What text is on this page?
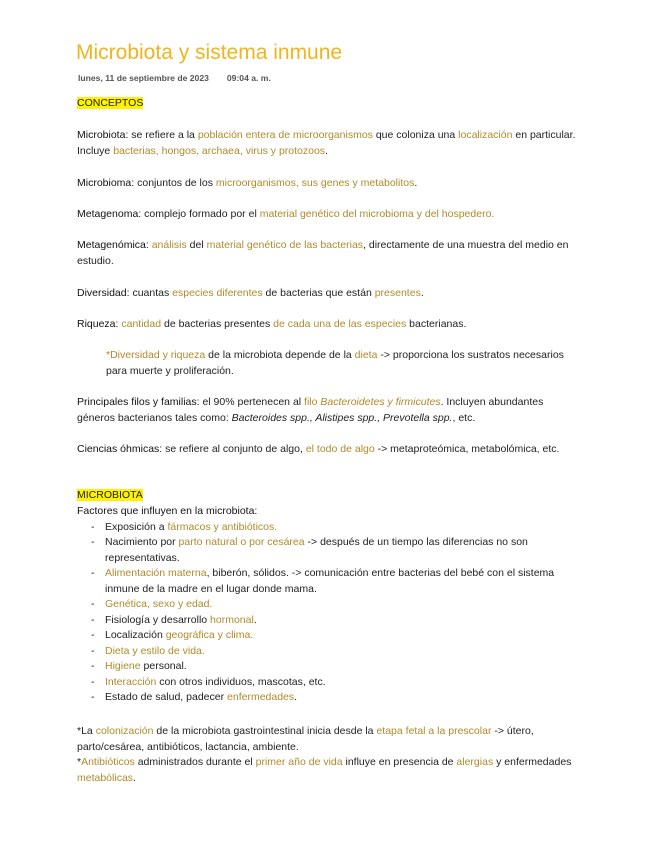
Microbiota y sistema inmune
lunes, 11 de septiembre de 2023 09:04 a. m.
CONCEPTOS
Microbiota: se refiere a la población entera de microorganismos que coloniza una localización en particular. Incluye bacterias, hongos, archaea, virus y protozoos.
Microbioma: conjuntos de los microorganismos, sus genes y metabolitos.
Metagenoma: complejo formado por el material genético del microbioma y del hospedero.
Metagenómica: análisis del material genético de las bacterias, directamente de una muestra del medio en estudio.
Diversidad: cuantas especies diferentes de bacterias que están presentes.
Riqueza: cantidad de bacterias presentes de cada una de las especies bacterianas.
*Diversidad y riqueza de la microbiota depende de la dieta -> proporciona los sustratos necesarios para muerte y proliferación.
Principales filos y familias: el 90% pertenecen al filo Bacteroidetes y firmicutes. Incluyen abundantes géneros bacterianos tales como: Bacteroides spp., Alistipes spp., Prevotella spp., etc.
Ciencias óhmicas: se refiere al conjunto de algo, el todo de algo -> metaproteómica, metabolómica, etc.
MICROBIOTA
Factores que influyen en la microbiota:
- Exposición a fármacos y antibióticos.
- Nacimiento por parto natural o por cesárea -> después de un tiempo las diferencias no son representativas.
- Alimentación materna, biberón, sólidos. -> comunicación entre bacterias del bebé con el sistema inmune de la madre en el lugar donde mama.
- Genética, sexo y edad.
- Fisiología y desarrollo hormonal.
- Localización geográfica y clima.
- Dieta y estilo de vida.
- Higiene personal.
- Interacción con otros individuos, mascotas, etc.
- Estado de salud, padecer enfermedades.
*La colonización de la microbiota gastrointestinal inicia desde la etapa fetal a la prescolar -> útero, parto/cesárea, antibióticos, lactancia, ambiente.
*Antibióticos administrados durante el primer año de vida influye en presencia de alergias y enfermedades metabólicas.
